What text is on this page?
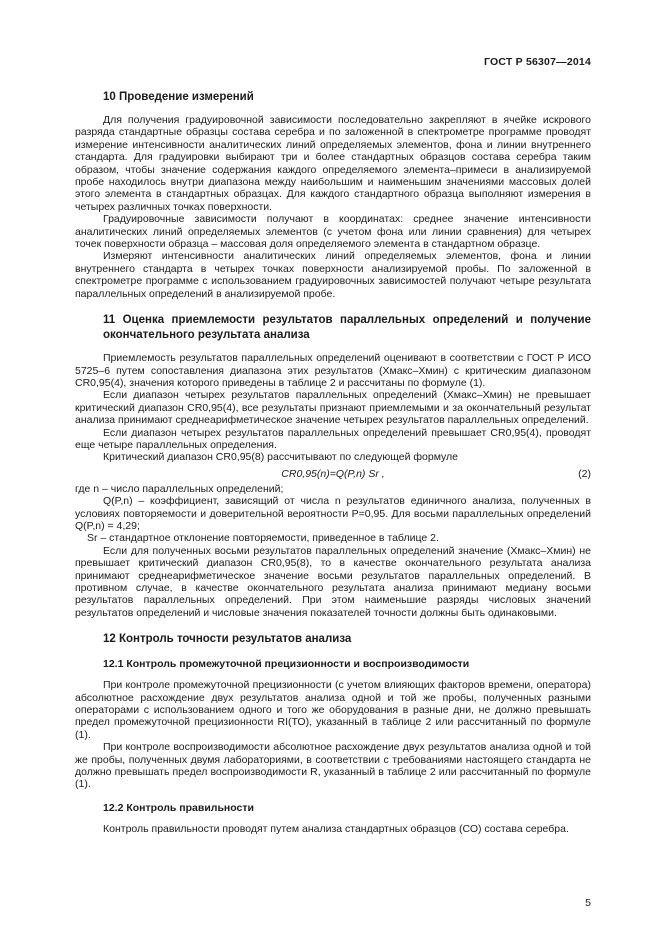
ГОСТ Р 56307—2014
10 Проведение измерений

Для получения градуировочной зависимости последовательно закрепляют в ячейке искрового разряда стандартные образцы состава серебра и по заложенной в спектрометре программе проводят измерение интенсивности аналитических линий определяемых элементов, фона и линии внутреннего стандарта. Для градуировки выбирают три и более стандартных образцов состава серебра таким образом, чтобы значение содержания каждого определяемого элемента–примеси в анализируемой пробе находилось внутри диапазона между наибольшим и наименьшим значениями массовых долей этого элемента в стандартных образцах. Для каждого стандартного образца выполняют измерения в четырех различных точках поверхности.

Градуировочные зависимости получают в координатах: среднее значение интенсивности аналитических линий определяемых элементов (с учетом фона или линии сравнения) для четырех точек поверхности образца – массовая доля определяемого элемента в стандартном образце.

Измеряют интенсивности аналитических линий определяемых элементов, фона и линии внутреннего стандарта в четырех точках поверхности анализируемой пробы. По заложенной в спектрометре программе с использованием градуировочных зависимостей получают четыре результата параллельных определений в анализируемой пробе.

11 Оценка приемлемости результатов параллельных определений и получение окончательного результата анализа

Приемлемость результатов параллельных определений оценивают в соответствии с ГОСТ Р ИСО 5725–6 путем сопоставления диапазона этих результатов (Xмакс–Xмин) с критическим диапазоном CR0,95(4), значения которого приведены в таблице 2 и рассчитаны по формуле (1).

Если диапазон четырех результатов параллельных определений (Xмакс–Xмин) не превышает критический диапазон CR0,95(4), все результаты признают приемлемыми и за окончательный результат анализа принимают среднеарифметическое значение четырех результатов параллельных определений.

Если диапазон четырех результатов параллельных определений превышает CR0,95(4), проводят еще четыре параллельных определения.

Критический диапазон CR0,95(8) рассчитывают по следующей формуле

CR0,95(n)=Q(P,n) Sr ,	(2)

где n – число параллельных определений;

Q(P,n) – коэффициент, зависящий от числа n результатов единичного анализа, полученных в условиях повторяемости и доверительной вероятности P=0,95. Для восьми параллельных определений Q(P,n) = 4,29;

Sr – стандартное отклонение повторяемости, приведенное в таблице 2.

Если для полученных восьми результатов параллельных определений значение (Xмакс–Xмин) не превышает критический диапазон CR0,95(8), то в качестве окончательного результата анализа принимают среднеарифметическое значение восьми результатов параллельных определений. В противном случае, в качестве окончательного результата анализа принимают медиану восьми результатов параллельных определений. При этом наименьшие разряды числовых значений результатов определений и числовые значения показателей точности должны быть одинаковыми.

12 Контроль точности результатов анализа
12.1 Контроль промежуточной прецизионности и воспроизводимости

При контроле промежуточной прецизионности (с учетом влияющих факторов времени, оператора) абсолютное расхождение двух результатов анализа одной и той же пробы, полученных разными операторами с использованием одного и того же оборудования в разные дни, не должно превышать предел промежуточной прецизионности RI(ТО), указанный в таблице 2 или рассчитанный по формуле (1).

При контроле воспроизводимости абсолютное расхождение двух результатов анализа одной и той же пробы, полученных двумя лабораториями, в соответствии с требованиями настоящего стандарта не должно превышать предел воспроизводимости R, указанный в таблице 2 или рассчитанный по формуле (1).

12.2 Контроль правильности

Контроль правильности проводят путем анализа стандартных образцов (СО) состава серебра.

5
